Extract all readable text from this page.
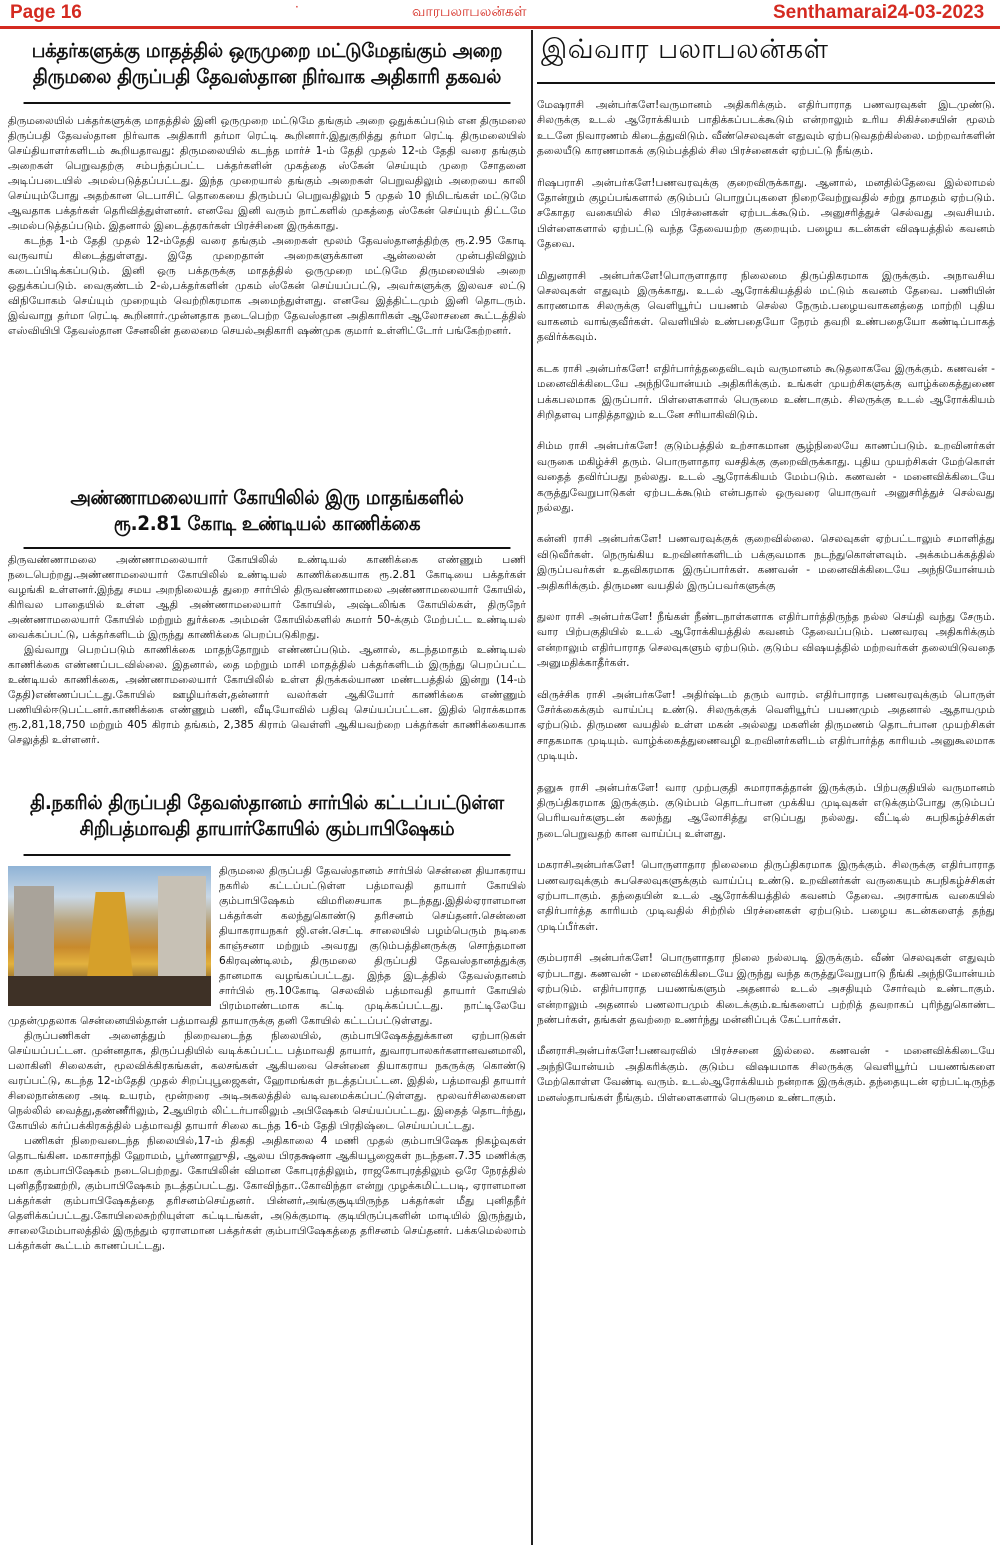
Page 16	·	வாரபலாபலன்கள்	Senthamarai 24-03-2023
பக்தர்களுக்கு மாதத்தில் ஒருமுறை மட்டுமேதங்கும் அறை
திருமலை திருப்பதி தேவஸ்தான நிர்வாக அதிகாரி தகவல்

திருமலையில் பக்தர்களுக்கு மாதத்தில் இனி ஒருமுறை மட்டுமே தங்கும் அறை ஒதுக்கப்படும் என திருமலை திருப்பதி தேவஸ்தான நிர்வாக அதிகாரி தர்மா ரெட்டி கூறினார்.இதுகுறித்து தர்மா ரெட்டி திருமலையில் செய்தியாளர்களிடம் கூறியதாவது: திருமலையில் கடந்த மார்ச் 1-ம் தேதி முதல் 12-ம் தேதி வரை தங்கும் அறைகள் பெறுவதற்கு சம்பந்தப்பட்ட பக்தர்களின் முகத்தை ஸ்கேன் செய்யும் முறை சோதனை அடிப்படையில் அமல்படுத்தப்பட்டது. இந்த முறையால் தங்கும் அறைகள் பெறுவதிலும் அறையை காலி செய்யும்போது அதற்கான டெபாசிட் தொகையை திரும்பப் பெறுவதிலும் 5 முதல் 10 நிமிடங்கள் மட்டுமே ஆவதாக பக்தர்கள் தெரிவித்துள்ளனர். எனவே இனி வரும் நாட்களில் முகத்தை ஸ்கேன் செய்யும் திட்டமே அமல்படுத்தப்படும். இதனால் இடைத்தரகர்கள் பிரச்சினை இருக்காது.

கடந்த 1-ம் தேதி முதல் 12-ம்தேதி வரை தங்கும் அறைகள் மூலம் தேவஸ்தானத்திற்கு ரூ.2.95 கோடி வருவாய் கிடைத்துள்ளது. இதே முறைதான் அறைகளுக்கான ஆன்லைன் முன்பதிவிலும் கடைப்பிடிக்கப்படும். இனி ஒரு பக்தருக்கு மாதத்தில் ஒருமுறை மட்டுமே திருமலையில் அறை ஒதுக்கப்படும். வைகுண்டம் 2-ல்,பக்தர்களின் முகம் ஸ்கேன் செய்யப்பட்டு, அவர்களுக்கு இலவச லட்டு விநியோகம் செய்யும் முறையும் வெற்றிகரமாக அமைந்துள்ளது. எனவே இத்திட்டமும் இனி தொடரும். இவ்வாறு தர்மா ரெட்டி கூறினார்.முன்னதாக நடைபெற்ற தேவஸ்தான அதிகாரிகள் ஆலோசனை கூட்டத்தில் எஸ்வியிபி தேவஸ்தான சேனலின் தலைமை செயல்அதிகாரி ஷண்முக குமார் உள்ளிட்டோர் பங்கேற்றனர்.

அண்ணாமலையார் கோயிலில் இரு மாதங்களில்
ரூ.2.81 கோடி உண்டியல் காணிக்கை

திருவண்ணாமலை அண்ணாமலையார் கோயிலில் உண்டியல் காணிக்கை எண்ணும் பணி நடைபெற்றது.அண்ணாமலையார் கோயிலில் உண்டியல் காணிக்கையாக ரூ.2.81 கோடியை பக்தர்கள் வழங்கி உள்ளனர்.இந்து சமய அறநிலையத் துறை சார்பில் திருவண்ணாமலை அண்ணாமலையார் கோயில், கிரிவல பாதையில் உள்ள ஆதி அண்ணாமலையார் கோயில், அஷ்டலிங்க கோயில்கள், திருநேர் அண்ணாமலையார் கோயில் மற்றும் துர்க்கை அம்மன் கோயில்களில் சுமார் 50-க்கும் மேற்பட்ட உண்டியல் வைக்கப்பட்டு, பக்தர்களிடம் இருந்து காணிக்கை பெறப்படுகிறது.

இவ்வாறு பெறப்படும் காணிக்கை மாதந்தோறும் எண்ணப்படும். ஆனால், கடந்தமாதம் உண்டியல் காணிக்கை எண்ணப்படவில்லை. இதனால், தை மற்றும் மாசி மாதத்தில் பக்தர்களிடம் இருந்து பெறப்பட்ட உண்டியல் காணிக்கை, அண்ணாமலையார் கோயிலில் உள்ள திருக்கல்யாண மண்டபத்தில் இன்று (14-ம் தேதி)எண்ணப்பட்டது.கோயில் ஊழியர்கள்,தன்னார் வலர்கள் ஆகியோர் காணிக்கை எண்ணும் பணியில்ஈடுபட்டனர்.காணிக்கை எண்ணும் பணி, வீடியோவில் பதிவு செய்யப்பட்டன. இதில் ரொக்கமாக ரூ.2,81,18,750 மற்றும் 405 கிராம் தங்கம், 2,385 கிராம் வெள்ளி ஆகியவற்றை பக்தர்கள் காணிக்கையாக செலுத்தி உள்ளனர்.

தி.நகரில் திருப்பதி தேவஸ்தானம் சார்பில் கட்டப்பட்டுள்ள
சிறிபத்மாவதி தாயார்கோயில் கும்பாபிஷேகம்

திருமலை திருப்பதி தேவஸ்தானம் சார்பில் சென்னை தியாகராய நகரில் கட்டப்பட்டுள்ள பத்மாவதி தாயார் கோயில் கும்பாபிஷேகம் விமரிசையாக நடந்தது.இதில்ஏராளமான பக்தர்கள் கலந்துகொண்டு தரிசனம் செய்தனர்.சென்னை தியாகராயநகர் ஜி.என்.செட்டி சாலையில் பழம்பெரும் நடிகை காஞ்சனா மற்றும் அவரது குடும்பத்தினருக்கு சொந்தமான 6கிரவுண்டிலம், திருமலை திருப்பதி தேவஸ்தானத்துக்கு தானமாக வழங்கப்பட்டது. இந்த இடத்தில் தேவஸ்தானம் சார்பில் ரூ.10கோடி செலவில் பத்மாவதி தாயார் கோயில் பிரம்மாண்டமாக கட்டி முடிக்கப்பட்டது. நாட்டிலேயே முதன்முதலாக சென்னையில்தான் பத்மாவதி தாயாருக்கு தனி கோயில் கட்டப்பட்டுள்ளது.

திருப்பணிகள் அனைத்தும் நிறைவடைந்த நிலையில், கும்பாபிஷேகத்துக்கான ஏற்பாடுகள் செய்யப்பட்டன. முன்னதாக, திருப்பதியில் வடிக்கப்பட்ட பத்மாவதி தாயார், துவாரபாலகர்களானவனமாலி, பலாகினி சிலைகள், மூலவிக்கிரகங்கள், கலசங்கள் ஆகியவை சென்னை தியாகராய நகருக்கு கொண்டு வரப்பட்டு, கடந்த 12-ம்தேதி முதல் சிறப்புபூஜைகள், ஹோமங்கள் நடத்தப்பட்டன. இதில், பத்மாவதி தாயார் சிலைநான்கரை அடி உயரம், மூன்றரை அடிஅகலத்தில் வடிவமைக்கப்பட்டுள்ளது. மூலவர்சிலைகளை நெல்லில் வைத்து,தண்ணீரிலும், 2ஆயிரம் லிட்டர்பாலிலும் அபிஷேகம் செய்யப்பட்டது. இதைத் தொடர்ந்து, கோயில் கர்ப்பக்கிரகத்தில் பத்மாவதி தாயார் சிலை கடந்த 16-ம் தேதி பிரதிஷ்டை செய்யப்பட்டது.

பணிகள் நிறைவடைந்த நிலையில்,17-ம் திகதி அதிகாலை 4 மணி முதல் கும்பாபிஷேக நிகழ்வுகள் தொடங்கின. மகாசாந்தி ஹோமம், பூர்ணாஹுதி, ஆலய பிரதக்ஷனா ஆகியபூஜைகள் நடந்தன.7.35 மணிக்கு மகா கும்பாபிஷேகம் நடைபெற்றது. கோயிலின் விமான கோபுரத்திலும், ராஜகோபுரத்திலும் ஒரே நேரத்தில் புனிதநீரஊற்றி, கும்பாபிஷேகம் நடத்தப்பட்டது. கோவிந்தா..கோவிந்தா என்று முழக்கமிட்டபடி, ஏராளமான பக்தர்கள் கும்பாபிஷேகத்தை தரிசனம்செய்தனர். பின்னர்,அங்குசூடியிருந்த பக்தர்கள் மீது புனிதநீர் தெளிக்கப்பட்டது.கோயிலைசுற்றியுள்ள கட்டிடங்கள், அடுக்குமாடி குடியிருப்புகளின் மாடியில் இருந்தும், சாலைமேம்பாலத்தில் இருந்தும் ஏராளமான பக்தர்கள் கும்பாபிஷேகத்தை தரிசனம் செய்தனர். பக்கமெல்லாம் பக்தர்கள் கூட்டம் காணப்பட்டது.

இவ்வார பலாபலன்கள்

மேஷராசி அன்பர்களே!வருமானம் அதிகரிக்கும். எதிர்பாராத பணவரவுகள் இடமுண்டு. சிலருக்கு உடல் ஆரோக்கியம் பாதிக்கப்படக்கூடும் என்றாலும் உரிய சிகிச்சையின் மூலம் உடனே நிவாரணம் கிடைத்துவிடும். வீண்செலவுகள் எதுவும் ஏற்படுவதற்கில்லை. மற்றவர்களின் தலையீடு காரணமாகக் குடும்பத்தில் சில பிரச்னைகள் ஏற்பட்டு நீங்கும்.

ரிஷபராசி அன்பர்களே!பணவரவுக்கு குறைவிருக்காது. ஆனால், மனதில்தேவை இல்லாமல் தோன்றும் குழப்பங்களால் குடும்பப் பொறுப்புகளை நிறைவேற்றுவதில் சற்று தாமதம் ஏற்படும். சகோதர வகையில் சில பிரச்னைகள் ஏற்படக்கூடும். அனுசரித்துச் செல்வது அவசியம். பிள்ளைகளால் ஏற்பட்டு வந்த தேவையற்ற குறையும். பழைய கடன்கள் விஷயத்தில் கவனம் தேவை.

மிதுனராசி அன்பர்களே!பொருளாதார நிலைமை திருப்திகரமாக இருக்கும். அநாவசிய செலவுகள் எதுவும் இருக்காது. உடல் ஆரோக்கியத்தில் மட்டும் கவனம் தேவை. பணியின் காரணமாக சிலருக்கு வெளியூர்ப் பயணம் செல்ல நேரும்.பழையவாகனத்தை மாற்றி புதிய வாகனம் வாங்குவீர்கள். வெளியில் உண்பதையோ நேரம் தவறி உண்பதையோ கண்டிப்பாகத் தவிர்க்கவும்.

கடக ராசி அன்பர்களே! எதிர்பார்த்ததைவிடவும் வருமானம் கூடுதலாகவே இருக்கும். கணவன் - மனைவிக்கிடையே அந்நியோன்யம் அதிகரிக்கும். உங்கள் முயற்சிகளுக்கு வாழ்க்கைத்துணை பக்கபலமாக இருப்பார். பிள்ளைகளால் பெருமை உண்டாகும். சிலருக்கு உடல் ஆரோக்கியம் சிறிதளவு பாதித்தாலும் உடனே சரியாகிவிடும்.

சிம்ம ராசி அன்பர்களே! குடும்பத்தில் உற்சாகமான சூழ்நிலையே காணப்படும். உறவினர்கள் வருகை மகிழ்ச்சி தரும். பொருளாதார வசதிக்கு குறைவிருக்காது. புதிய முயற்சிகள் மேற்கொள் வதைத் தவிர்ப்பது நல்லது. உடல் ஆரோக்கியம் மேம்படும். கணவன் - மனைவிக்கிடையே கருத்துவேறுபாடுகள் ஏற்படக்கூடும் என்பதால் ஒருவரை யொருவர் அனுசரித்துச் செல்வது நல்லது.

கன்னி ராசி அன்பர்களே! பணவரவுக்குக் குறைவில்லை. செலவுகள் ஏற்பட்டாலும் சமாளித்து விடுவீர்கள். நெருங்கிய உறவினர்களிடம் பக்குவமாக நடந்துகொள்ளவும். அக்கம்பக்கத்தில் இருப்பவர்கள் உதவிகரமாக இருப்பார்கள். கணவன் - மனைவிக்கிடையே அந்நியோன்யம் அதிகரிக்கும். திருமண வயதில் இருப்பவர்களுக்கு

துலா ராசி அன்பர்களே! நீங்கள் நீண்டநாள்களாக எதிர்பார்த்திருந்த நல்ல செய்தி வந்து சேரும். வார பிற்பகுதியில் உடல் ஆரோக்கியத்தில் கவனம் தேவைப்படும். பணவரவு அதிகரிக்கும் என்றாலும் எதிர்பாராத செலவுகளும் ஏற்படும். குடும்ப விஷயத்தில் மற்றவர்கள் தலையிடுவதை அனுமதிக்காதீர்கள்.

விருச்சிக ராசி அன்பர்களே! அதிர்ஷ்டம் தரும் வாரம். எதிர்பாராத பணவரவுக்கும் பொருள் சேர்க்கைக்கும் வாய்ப்பு உண்டு. சிலருக்குக் வெளியூர்ப் பயணமும் அதனால் ஆதாயமும் ஏற்படும். திருமண வயதில் உள்ள மகன் அல்லது மகளின் திருமணம் தொடர்பான முயற்சிகள் சாதகமாக முடியும். வாழ்க்கைத்துணைவழி உறவினர்களிடம் எதிர்பார்த்த காரியம் அனுகூலமாக முடியும்.

தனுசு ராசி அன்பர்களே! வார முற்பகுதி சுமாராகத்தான் இருக்கும். பிற்பகுதியில் வருமானம் திருப்திகரமாக இருக்கும். குடும்பம் தொடர்பான முக்கிய முடிவுகள் எடுக்கும்போது குடும்பப் பெரியவர்களுடன் கலந்து ஆலோசித்து எடுப்பது நல்லது. வீட்டில் சுபநிகழ்ச்சிகள் நடைபெறுவதற் கான வாய்ப்பு உள்ளது.

மகராசிஅன்பர்களே! பொருளாதார நிலைமை திருப்திகரமாக இருக்கும். சிலருக்கு எதிர்பாராத பணவரவுக்கும் சுபசெலவுகளுக்கும் வாய்ப்பு உண்டு. உறவினர்கள் வருகையும் சுபநிகழ்ச்சிகள் ஏற்பாடாகும். தந்தையின் உடல் ஆரோக்கியத்தில் கவனம் தேவை. அரசாங்க வகையில் எதிர்பார்த்த காரியம் முடிவதில் சிற்றில் பிரச்னைகள் ஏற்படும். பழைய கடன்களைத் தந்து முடிப்பீர்கள்.

கும்பராசி அன்பர்களே! பொருளாதார நிலை நல்லபடி இருக்கும். வீண் செலவுகள் எதுவும் ஏற்படாது. கணவன் - மனைவிக்கிடையே இருந்து வந்த கருத்துவேறுபாடு நீங்கி அந்நியோன்யம் ஏற்படும். எதிர்பாராத பயணங்களும் அதனால் உடல் அசதியும் சோர்வும் உண்டாகும். என்றாலும் அதனால் பணலாபமும் கிடைக்கும்.உங்களைப் பற்றித் தவறாகப் புரிந்துகொண்ட நண்பர்கள், தங்கள் தவற்றை உணர்ந்து மன்னிப்புக் கேட்பார்கள்.

மீனராசிஅன்பர்களே!பணவரவில் பிரச்சனை இல்லை. கணவன் - மனைவிக்கிடையே அந்நியோன்யம் அதிகரிக்கும். குடும்ப விஷயமாக சிலருக்கு வெளியூர்ப் பயணங்களை மேற்கொள்ள வேண்டி வரும். உடல்ஆரோக்கியம் நன்றாக இருக்கும். தந்தையுடன் ஏற்பட்டிருந்த மனஸ்தாபங்கள் நீங்கும். பிள்ளைகளால் பெருமை உண்டாகும்.
